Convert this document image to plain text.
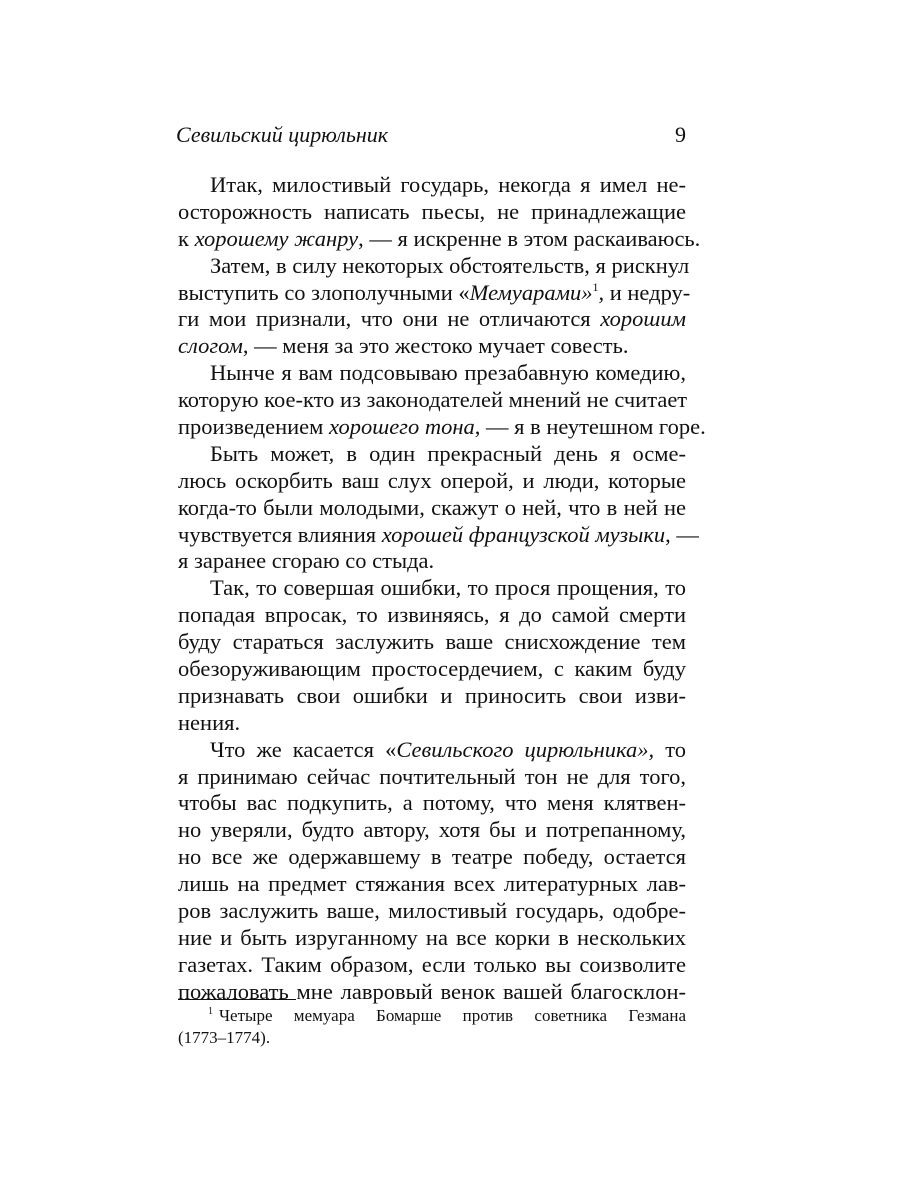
Севильский цирюльник	9
Итак, милостивый государь, некогда я имел не-
осторожность написать пьесы, не принадлежащие
к хорошему жанру, — я искренне в этом раскаиваюсь.
Затем, в силу некоторых обстоятельств, я рискнул
выступить со злополучными «Мемуарами»$^1$, и недру-
ги мои признали, что они не отличаются хорошим
слогом, — меня за это жестоко мучает совесть.
Нынче я вам подсовываю презабавную комедию,
которую кое-кто из законодателей мнений не считает
произведением хорошего тона, — я в неутешном горе.
Быть может, в один прекрасный день я осме-
люсь оскорбить ваш слух оперой, и люди, которые
когда-то были молодыми, скажут о ней, что в ней не
чувствуется влияния хорошей французской музыки, —
я заранее сгораю со стыда.
Так, то совершая ошибки, то прося прощения, то
попадая впросак, то извиняясь, я до самой смерти
буду стараться заслужить ваше снисхождение тем
обезоруживающим простосердечием, с каким буду
признавать свои ошибки и приносить свои изви-
нения.
Что же касается «Севильского цирюльника», то
я принимаю сейчас почтительный тон не для того,
чтобы вас подкупить, а потому, что меня клятвен-
но уверяли, будто автору, хотя бы и потрепанному,
но все же одержавшему в театре победу, остается
лишь на предмет стяжания всех литературных лав-
ров заслужить ваше, милостивый государь, одобре-
ние и быть изруганному на все корки в нескольких
газетах. Таким образом, если только вы соизволите
пожаловать мне лавровый венок вашей благосклон-
$^1$ Четыре мемуара Бомарше против советника Гезмана
(1773–1774).
